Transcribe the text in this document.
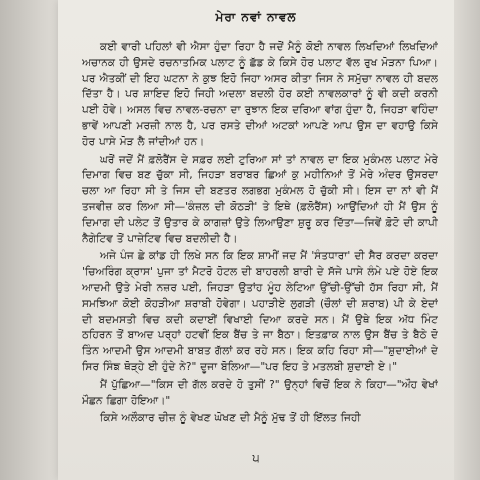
ਮੇਰਾ ਨਵਾਂ ਨਾਵਲ

ਕਈ ਵਾਰੀ ਪਹਿਲਾਂ ਵੀ ਐਸਾ ਹੁੰਦਾ ਰਿਹਾ ਹੈ ਜਦੋਂ ਮੈਨੂੰ ਕੋਈ ਨਾਵਲ ਲਿਖਦਿਆਂ ਲਿਖਦਿਆਂ ਅਚਾਨਕ ਹੀ ਉਸਦੇ ਰਚਨਾਤਮਿਕ ਪਲਾਟ ਨੂੰ ਛੱਡ ਕੇ ਕਿਸੇ ਹੋਰ ਪਲਾਟ ਵੱਲ ਰੁਖ ਮੋੜਨਾ ਪਿਆ। ਪਰ ਐਤਕੀਂ ਦੀ ਇਹ ਘਟਨਾ ਨੇ ਕੁਝ ਇਹੋ ਜਿਹਾ ਅਸਰ ਕੀਤਾ ਜਿਸ ਨੇ ਸਮੁੱਚਾ ਨਾਵਲ ਹੀ ਬਦਲ ਦਿੱਤਾ ਹੈ। ਪਰ ਸ਼ਾਇਦ ਇਹੋ ਜਿਹੀ ਅਦਲਾ ਬਦਲੀ ਹੋਰ ਕਈ ਨਾਵਲਕਾਰਾਂ ਨੂੰ ਵੀ ਕਦੀ ਕਰਨੀ ਪਈ ਹੋਵੇ। ਅਸਲ ਵਿਚ ਨਾਵਲ-ਰਚਨਾ ਦਾ ਰੁਝਾਨ ਇਕ ਦਰਿਆ ਵਾਂਗ ਹੁੰਦਾ ਹੈ, ਜਿਹੜਾ ਵਹਿੰਦਾ ਭਾਵੇਂ ਆਪਣੀ ਮਰਜ਼ੀ ਨਾਲ ਹੈ, ਪਰ ਰਸਤੇ ਦੀਆਂ ਅਟਕਾਂ ਆਪਣੇ ਆਪ ਉਸ ਦਾ ਵਹਾਉ ਕਿਸੇ ਹੋਰ ਪਾਸੇ ਮੋੜ ਲੈ ਜਾਂਦੀਆਂ ਹਨ।

ਘਰੋਂ ਜਦੋਂ ਮੈਂ ਫ਼ਲੋਰੈਂਸ ਦੇ ਸਫ਼ਰ ਲਈ ਟੁਰਿਆ ਸਾਂ ਤਾਂ ਨਾਵਲ ਦਾ ਇਕ ਮੁਕੰਮਲ ਪਲਾਟ ਮੇਰੇ ਦਿਮਾਗ ਵਿਚ ਬਣ ਚੁੱਕਾ ਸੀ, ਜਿਹੜਾ ਬਰਾਬਰ ਛਿਆਂ ਕੁ ਮਹੀਨਿਆਂ ਤੋਂ ਮੇਰੇ ਅੰਦਰ ਉਸਰਦਾ ਚਲਾ ਆ ਰਿਹਾ ਸੀ ਤੇ ਜਿਸ ਦੀ ਬਣਤਰ ਲਗਭਗ ਮੁਕੰਮਲ ਹੋ ਚੁੱਕੀ ਸੀ। ਇਸ ਦਾ ਨਾਂ ਵੀ ਮੈਂ ਤਜਵੀਜ਼ ਕਰ ਲਿਆ ਸੀ—'ਕੰਜ਼ਲ ਦੀ ਕੋਠੜੀ' ਤੇ ਇਥੇ (ਫ਼ਲੋਰੈਂਸ) ਆਉਂਦਿਆਂ ਹੀ ਮੈਂ ਉਸ ਨੂੰ ਦਿਮਾਗ ਦੀ ਪਲੇਟ ਤੋਂ ਉਤਾਰ ਕੇ ਕਾਗਜ਼ਾਂ ਉਤੇ ਲਿਆਉਣਾ ਸ਼ੁਰੂ ਕਰ ਦਿੱਤਾ—ਜਿਵੇਂ ਫ਼ੋਟੋ ਦੀ ਕਾਪੀ ਨੈਗੇਟਿਵ ਤੋਂ ਪਾਜ਼ੇਟਿਵ ਵਿਚ ਬਦਲੀਦੀ ਹੈ।

ਅਜੇ ਪੰਜ ਛੇ ਕਾਂਡ ਹੀ ਲਿਖੇ ਸਨ ਕਿ ਇਕ ਸ਼ਾਮੀਂ ਜਦ ਮੈਂ 'ਸੰਤਧਾਰਾ' ਦੀ ਸੈਰ ਕਰਦਾ ਕਰਦਾ 'ਚਿਅਰਿੰਗ ਕ੍ਰਾਸ' ਪੁਜਾ ਤਾਂ ਮੈਟਰੋ ਹੋਟਲ ਦੀ ਬਾਹਰਲੀ ਬਾਰੀ ਦੇ ਸੱਜੇ ਪਾਸੇ ਲੰਮੇ ਪਏ ਹੋਏ ਇਕ ਆਦਮੀ ਉਤੇ ਮੇਰੀ ਨਜ਼ਰ ਪਈ, ਜਿਹੜਾ ਉਤਾਂਹ ਮੂੰਹ ਲੇਟਿਆ ਉੱਚੀ-ਉੱਚੀ ਹੱਸ ਰਿਹਾ ਸੀ, ਮੈਂ ਸਮਝਿਆ ਕੋਈ ਕੋਹੜੀਆ ਸ਼ਰਾਬੀ ਹੋਵੇਗਾ। ਪਹਾੜੀਏ ਲੁਗੜੀ (ਚੌਲਾਂ ਦੀ ਸ਼ਰਾਬ) ਪੀ ਕੇ ਏਦਾਂ ਦੀ ਬਦਮਸਤੀ ਵਿਚ ਕਦੀ ਕਦਾਈਂ ਵਿਖਾਈ ਦਿਆ ਕਰਦੇ ਸਨ। ਮੈਂ ਉਥੇ ਇਕ ਅੱਧ ਮਿੰਟ ਠਹਿਰਨ ਤੋਂ ਬਾਅਦ ਪਰ੍ਹਾਂ ਹਟਵੀਂ ਇਕ ਬੈਂਚ ਤੇ ਜਾ ਬੈਠਾ। ਇਤਫ਼ਾਕ ਨਾਲ ਉਸ ਬੈਂਚ ਤੇ ਬੈਠੇ ਦੋ ਤਿੰਨ ਆਦਮੀ ਉਸ ਆਦਮੀ ਬਾਬਤ ਗੱਲਾਂ ਕਰ ਰਹੇ ਸਨ। ਇਕ ਕਹਿ ਰਿਹਾ ਸੀ—"ਸ਼ੁਦਾਈਆਂ ਦੇ ਸਿਰ ਸਿੰਙ ਥੋੜ੍ਹੇ ਈ ਹੁੰਦੇ ਨੇ?" ਦੂਜਾ ਬੋਲਿਆ—"ਪਰ ਇਹ ਤੇ ਮਤਲਬੀ ਸ਼ੁਦਾਈ ਏ।"

ਮੈਂ ਪੁੱਛਿਆ—"ਕਿਸ ਦੀ ਗੱਲ ਕਰਦੇ ਹੋ ਤੁਸੀਂ ?" ਉਨ੍ਹਾਂ ਵਿਚੋਂ ਇਕ ਨੇ ਕਿਹਾ—"ਔਹ ਵੇਖਾਂ ਮੌਛਨ ਛਿਗਾ ਹੋਇਆ।"

ਕਿਸੇ ਅਲੌਕਾਰ ਚੀਜ਼ ਨੂੰ ਵੇਖਣ ਘੋਖਣ ਦੀ ਮੈਨੂੰ ਮੁੱਢ ਤੋਂ ਹੀ ਇੱਲਤ ਜਿਹੀ

੫
